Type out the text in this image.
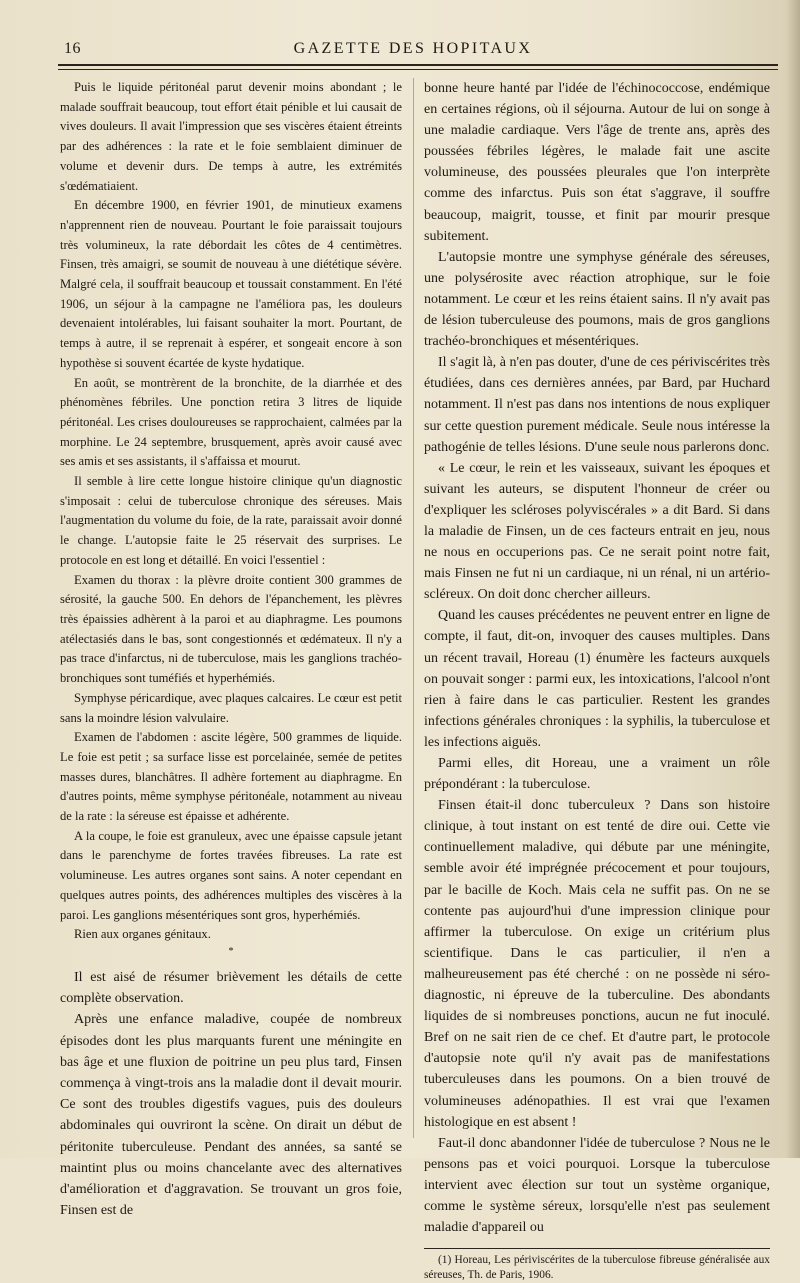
16	GAZETTE DES HOPITAUX

Puis le liquide péritonéal parut devenir moins abondant ; le malade souffrait beaucoup, tout effort était pénible et lui causait de vives douleurs. Il avait l'impression que ses viscères étaient étreints par des adhérences : la rate et le foie semblaient diminuer de volume et devenir durs. De temps à autre, les extrémités s'œdématiaient.

En décembre 1900, en février 1901, de minutieux examens n'apprennent rien de nouveau. Pourtant le foie paraissait toujours très volumineux, la rate débordait les côtes de 4 centimètres. Finsen, très amaigri, se soumit de nouveau à une diététique sévère. Malgré cela, il souffrait beaucoup et toussait constamment. En l'été 1906, un séjour à la campagne ne l'améliora pas, les douleurs devenaient intolérables, lui faisant souhaiter la mort. Pourtant, de temps à autre, il se reprenait à espérer, et songeait encore à son hypothèse si souvent écartée de kyste hydatique.

En août, se montrèrent de la bronchite, de la diarrhée et des phénomènes fébriles. Une ponction retira 3 litres de liquide péritonéal. Les crises douloureuses se rapprochaient, calmées par la morphine. Le 24 septembre, brusquement, après avoir causé avec ses amis et ses assistants, il s'affaissa et mourut.

Il semble à lire cette longue histoire clinique qu'un diagnostic s'imposait : celui de tuberculose chronique des séreuses. Mais l'augmentation du volume du foie, de la rate, paraissait avoir donné le change. L'autopsie faite le 25 réservait des surprises. Le protocole en est long et détaillé. En voici l'essentiel :

Examen du thorax : la plèvre droite contient 300 grammes de sérosité, la gauche 500. En dehors de l'épanchement, les plèvres très épaissies adhèrent à la paroi et au diaphragme. Les poumons atélectasiés dans le bas, sont congestionnés et œdémateux. Il n'y a pas trace d'infarctus, ni de tuberculose, mais les ganglions trachéo-bronchiques sont tuméfiés et hyperhémiés.

Symphyse péricardique, avec plaques calcaires. Le cœur est petit sans la moindre lésion valvulaire.

Examen de l'abdomen : ascite légère, 500 grammes de liquide. Le foie est petit ; sa surface lisse est porcelainée, semée de petites masses dures, blanchâtres. Il adhère fortement au diaphragme. En d'autres points, même symphyse péritonéale, notamment au niveau de la rate : la séreuse est épaisse et adhérente.

A la coupe, le foie est granuleux, avec une épaisse capsule jetant dans le parenchyme de fortes travées fibreuses. La rate est volumineuse. Les autres organes sont sains. A noter cependant en quelques autres points, des adhérences multiples des viscères à la paroi. Les ganglions mésentériques sont gros, hyperhémiés.

Rien aux organes génitaux.

*

Il est aisé de résumer brièvement les détails de cette complète observation.

Après une enfance maladive, coupée de nombreux épisodes dont les plus marquants furent une méningite en bas âge et une fluxion de poitrine un peu plus tard, Finsen commença à vingt-trois ans la maladie dont il devait mourir. Ce sont des troubles digestifs vagues, puis des douleurs abdominales qui ouvriront la scène. On dirait un début de péritonite tuberculeuse. Pendant des années, sa santé se maintint plus ou moins chancelante avec des alternatives d'amélioration et d'aggravation. Se trouvant un gros foie, Finsen est de

bonne heure hanté par l'idée de l'échinococcose, endémique en certaines régions, où il séjourna. Autour de lui on songe à une maladie cardiaque. Vers l'âge de trente ans, après des poussées fébriles légères, le malade fait une ascite volumineuse, des poussées pleurales que l'on interprète comme des infarctus. Puis son état s'aggrave, il souffre beaucoup, maigrit, tousse, et finit par mourir presque subitement.

L'autopsie montre une symphyse générale des séreuses, une polysérosite avec réaction atrophique, sur le foie notamment. Le cœur et les reins étaient sains. Il n'y avait pas de lésion tuberculeuse des poumons, mais de gros ganglions trachéo-bronchiques et mésentériques.

Il s'agit là, à n'en pas douter, d'une de ces périviscérites très étudiées, dans ces dernières années, par Bard, par Huchard notamment. Il n'est pas dans nos intentions de nous expliquer sur cette question purement médicale. Seule nous intéresse la pathogénie de telles lésions. D'une seule nous parlerons donc.

« Le cœur, le rein et les vaisseaux, suivant les époques et suivant les auteurs, se disputent l'honneur de créer ou d'expliquer les scléroses polyviscérales » a dit Bard. Si dans la maladie de Finsen, un de ces facteurs entrait en jeu, nous ne nous en occuperions pas. Ce ne serait point notre fait, mais Finsen ne fut ni un cardiaque, ni un rénal, ni un artério-scléreux. On doit donc chercher ailleurs.

Quand les causes précédentes ne peuvent entrer en ligne de compte, il faut, dit-on, invoquer des causes multiples. Dans un récent travail, Horeau (1) énumère les facteurs auxquels on pouvait songer : parmi eux, les intoxications, l'alcool n'ont rien à faire dans le cas particulier. Restent les grandes infections générales chroniques : la syphilis, la tuberculose et les infections aiguës.

Parmi elles, dit Horeau, une a vraiment un rôle prépondérant : la tuberculose.

Finsen était-il donc tuberculeux ? Dans son histoire clinique, à tout instant on est tenté de dire oui. Cette vie continuellement maladive, qui débute par une méningite, semble avoir été imprégnée précocement et pour toujours, par le bacille de Koch. Mais cela ne suffit pas. On ne se contente pas aujourd'hui d'une impression clinique pour affirmer la tuberculose. On exige un critérium plus scientifique. Dans le cas particulier, il n'en a malheureusement pas été cherché : on ne possède ni séro-diagnostic, ni épreuve de la tuberculine. Des abondants liquides de si nombreuses ponctions, aucun ne fut inoculé. Bref on ne sait rien de ce chef. Et d'autre part, le protocole d'autopsie note qu'il n'y avait pas de manifestations tuberculeuses dans les poumons. On a bien trouvé de volumineuses adénopathies. Il est vrai que l'examen histologique en est absent !

Faut-il donc abandonner l'idée de tuberculose ? Nous ne le pensons pas et voici pourquoi. Lorsque la tuberculose intervient avec élection sur tout un système organique, comme le système séreux, lorsqu'elle n'est pas seulement maladie d'appareil ou

(1) Horeau, Les périviscérites de la tuberculose fibreuse généralisée aux séreuses, Th. de Paris, 1906.
